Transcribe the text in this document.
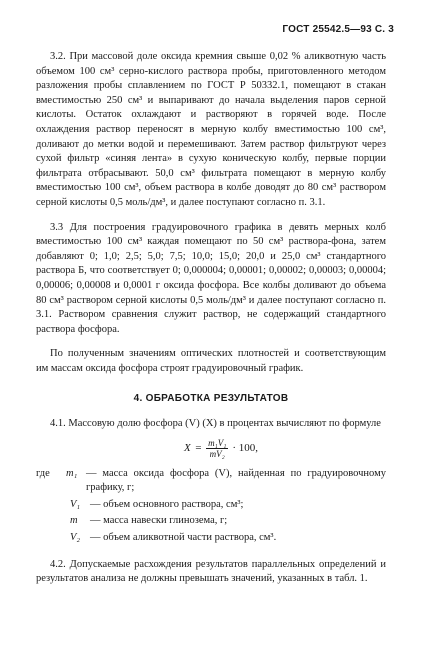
ГОСТ 25542.5—93 С. 3

3.2. При массовой доле оксида кремния свыше 0,02 % аликвотную часть объемом 100 см³ серно-кислого раствора пробы, приготовленного методом разложения пробы сплавлением по ГОСТ Р 50332.1, помещают в стакан вместимостью 250 см³ и выпаривают до начала выделения паров серной кислоты. Остаток охлаждают и растворяют в горячей воде. После охлаждения раствор переносят в мерную колбу вместимостью 100 см³, доливают до метки водой и перемешивают. Затем раствор фильтруют через сухой фильтр «синяя лента» в сухую коническую колбу, первые порции фильтрата отбрасывают. 50,0 см³ фильтрата помещают в мерную колбу вместимостью 100 см³, объем раствора в колбе доводят до 80 см³ раствором серной кислоты 0,5 моль/дм³, и далее поступают согласно п. 3.1.

3.3 Для построения градуировочного графика в девять мерных колб вместимостью 100 см³ каждая помещают по 50 см³ раствора-фона, затем добавляют 0; 1,0; 2,5; 5,0; 7,5; 10,0; 15,0; 20,0 и 25,0 см³ стандартного раствора Б, что соответствует 0; 0,000004; 0,00001; 0,00002; 0,00003; 0,00004; 0,00006; 0,00008 и 0,0001 г оксида фосфора. Все колбы доливают до объема 80 см³ раствором серной кислоты 0,5 моль/дм³ и далее поступают согласно п. 3.1. Раствором сравнения служит раствор, не содержащий стандартного раствора фосфора.

По полученным значениям оптических плотностей и соответствующим им массам оксида фосфора строят градуировочный график.

4. ОБРАБОТКА РЕЗУЛЬТАТОВ

4.1. Массовую долю фосфора (V) (X) в процентах вычисляют по формуле

$X = \frac{\text{m₁V₁}}{\text{mV₂}} \cdot 100$,
где	m₁ — масса оксида фосфора (V), найденная по градуировочному графику, г;
V₁ — объем основного раствора, см³;
m	— масса навески глинозема, г;
V₂ — объем аликвотной части раствора, см³.

4.2. Допускаемые расхождения результатов параллельных определений и результатов анализа не должны превышать значений, указанных в табл. 1.
